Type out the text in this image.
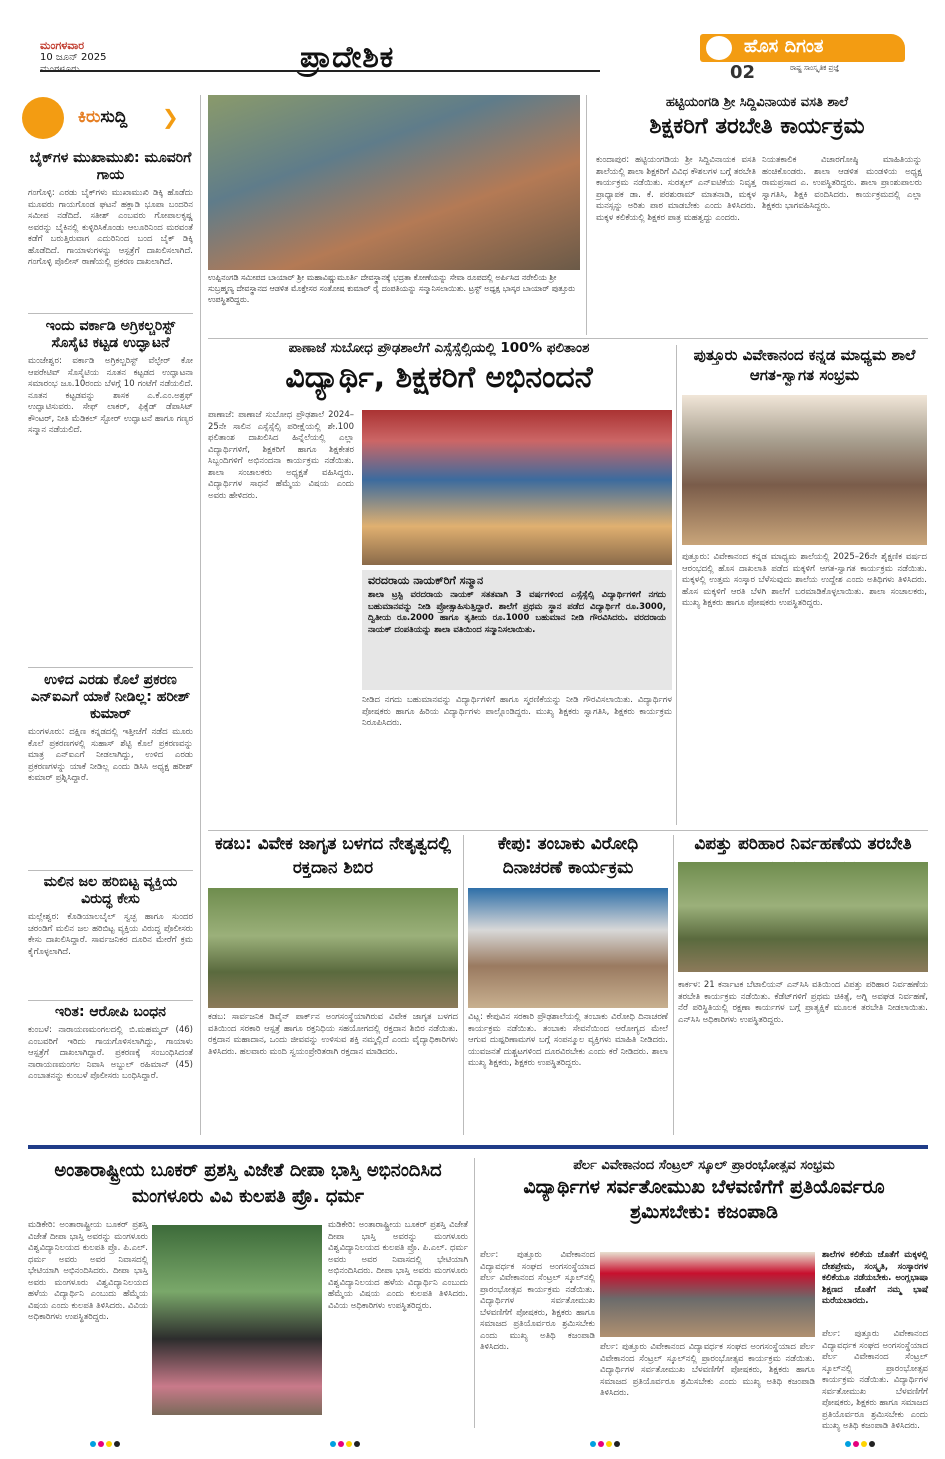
ಮಂಗಳವಾರ
10 ಜೂನ್ 2025	ಪ್ರಾದೇಶಿಕ	ಹೊಸ ದಿಗಂತ
02	ರಾಷ್ಟ್ರ ಸಾಂಸ್ಕೃತಿಕ ಪ್ರಜ್ಞೆ
ಕಿರುಸುದ್ದಿ ❯
ಬೈಕ್‌ಗಳ ಮುಖಾಮುಖಿ: ಮೂವರಿಗೆ ಗಾಯ
ಗಂಗೊಳ್ಳಿ: ಎರಡು ಬೈಕ್‌ಗಳು ಮುಖಾಮುಖಿ ಡಿಕ್ಕಿ ಹೊಡೆದು ಮೂವರು ಗಾಯಗೊಂಡ ಘಟನೆ ಹಕ್ಲಾಡಿ ಭೂಪಾ ಬಂದರಿನ ಸಮೀಪ ನಡೆದಿದೆ. ಸತೀಶ್ ಎಂಬವರು ಗೋಪಾಲಕೃಷ್ಣ ಅವರನ್ನು ಬೈಕಿನಲ್ಲಿ ಕುಳ್ಳಿರಿಸಿಕೊಂಡು ಆಲೂರಿನಿಂದ ಮರವಂತೆ ಕಡೆಗೆ ಬರುತ್ತಿರುವಾಗ ಎದುರಿನಿಂದ ಬಂದ ಬೈಕ್ ಡಿಕ್ಕಿ ಹೊಡೆದಿದೆ. ಗಾಯಾಳುಗಳನ್ನು ಆಸ್ಪತ್ರೆಗೆ ದಾಖಲಿಸಲಾಗಿದೆ. ಗಂಗೊಳ್ಳಿ ಪೊಲೀಸ್ ಠಾಣೆಯಲ್ಲಿ ಪ್ರಕರಣ ದಾಖಲಾಗಿದೆ.
ಇಂದು ವರ್ಕಾಡಿ ಅಗ್ರಿಕಲ್ಚರಿಸ್ಟ್ ಸೊಸೈಟಿ ಕಟ್ಟಡ ಉದ್ಘಾಟನೆ
ಮಂಜೇಶ್ವರ: ವರ್ಕಾಡಿ ಅಗ್ರಿಕಲ್ಚರಿಸ್ಟ್ ವೆಲ್ಫೇರ್ ಕೋ ಆಪರೇಟಿವ್ ಸೊಸೈಟಿಯ ನೂತನ ಕಟ್ಟಡದ ಉದ್ಘಾಟನಾ ಸಮಾರಂಭ ಜೂ.10ರಂದು ಬೆಳಗ್ಗೆ 10 ಗಂಟೆಗೆ ನಡೆಯಲಿದೆ. ನೂತನ ಕಟ್ಟಡವನ್ನು ಶಾಸಕ ಎ.ಕೆ.ಎಂ.ಅಶ್ರಫ್ ಉದ್ಘಾಟಿಸುವರು. ಸೇಫ್ ಲಾಕರ್, ಫಿಕ್ಸೆಡ್ ಡೆಪಾಸಿಟ್ ಕೌಂಟರ್, ನೀತಿ ಮೆಡಿಕಲ್ ಸ್ಟೋರ್ ಉದ್ಘಾಟನೆ ಹಾಗೂ ಗಣ್ಯರ ಸನ್ಮಾನ ನಡೆಯಲಿದೆ.
ಉಳಿದ ಎರಡು ಕೊಲೆ ಪ್ರಕರಣ ಎನ್‌ಐಎಗೆ ಯಾಕೆ ನೀಡಿಲ್ಲ: ಹರೀಶ್ ಕುಮಾರ್
ಮಂಗಳೂರು: ದಕ್ಷಿಣ ಕನ್ನಡದಲ್ಲಿ ಇತ್ತೀಚೆಗೆ ನಡೆದ ಮೂರು ಕೊಲೆ ಪ್ರಕರಣಗಳಲ್ಲಿ ಸುಹಾಸ್ ಶೆಟ್ಟಿ ಕೊಲೆ ಪ್ರಕರಣವನ್ನು ಮಾತ್ರ ಎನ್‌ಐಎಗೆ ನೀಡಲಾಗಿದ್ದು, ಉಳಿದ ಎರಡು ಪ್ರಕರಣಗಳನ್ನು ಯಾಕೆ ನೀಡಿಲ್ಲ ಎಂದು ಡಿಸಿಸಿ ಅಧ್ಯಕ್ಷ ಹರೀಶ್ ಕುಮಾರ್ ಪ್ರಶ್ನಿಸಿದ್ದಾರೆ.
ಮಲಿನ ಜಲ ಹರಿಬಿಟ್ಟ ವ್ಯಕ್ತಿಯ ವಿರುದ್ಧ ಕೇಸು
ಮಲ್ಲೇಶ್ವರ: ಕೊಡಿಯಾಲಬೈಲ್ ಸ್ವಚ್ಛ ಹಾಗೂ ಸುಂದರ ಚರಂಡಿಗೆ ಮಲಿನ ಜಲ ಹರಿಬಿಟ್ಟ ವ್ಯಕ್ತಿಯ ವಿರುದ್ಧ ಪೊಲೀಸರು ಕೇಸು ದಾಖಲಿಸಿದ್ದಾರೆ. ಸಾರ್ವಜನಿಕರ ದೂರಿನ ಮೇರೆಗೆ ಕ್ರಮ ಕೈಗೊಳ್ಳಲಾಗಿದೆ.
ಇರಿತ: ಆರೋಪಿ ಬಂಧನ
ಕುಂಬಳೆ: ನಾರಾಯಣಮಂಗಲದಲ್ಲಿ ಬಿ.ಮಹಮ್ಮದ್ (46) ಎಂಬವರಿಗೆ ಇರಿದು ಗಾಯಗೊಳಿಸಲಾಗಿದ್ದು, ಗಾಯಾಳು ಆಸ್ಪತ್ರೆಗೆ ದಾಖಲಾಗಿದ್ದಾರೆ. ಪ್ರಕರಣಕ್ಕೆ ಸಂಬಂಧಿಸಿದಂತೆ ನಾರಾಯಣಮಂಗಲ ನಿವಾಸಿ ಅಬ್ದುಲ್ ರಹಿಮಾನ್ (45) ಎಂಬಾತನನ್ನು ಕುಂಬಳೆ ಪೊಲೀಸರು ಬಂಧಿಸಿದ್ದಾರೆ.
ಉಪ್ಪಿನಂಗಡಿ ಸಮೀಪದ ಬಾಯಾರ್ ಶ್ರೀ ಮಹಾವಿಷ್ಣುಮೂರ್ತಿ ದೇವಸ್ಥಾನಕ್ಕೆ ಭದ್ರತಾ ಕೋಣೆಯನ್ನು ಸೇವಾ ರೂಪದಲ್ಲಿ ಅರ್ಪಿಸಿದ ನರೇಲಿಯ ಶ್ರೀ ಸುಬ್ರಹ್ಮಣ್ಯ ದೇವಸ್ಥಾನದ ಆಡಳಿತ ಮೊಕ್ತೇಸರ ಸಂತೋಷ ಕುಮಾರ್ ರೈ ದಂಪತಿಯನ್ನು ಸನ್ಮಾನಿಸಲಾಯಿತು. ಟ್ರಸ್ಟ್ ಅಧ್ಯಕ್ಷ ಭಾಸ್ಕರ ಬಾಯಾರ್ ಪುತ್ತೂರು ಉಪಸ್ಥಿತರಿದ್ದರು.
ಹಟ್ಟಿಯಂಗಡಿ ಶ್ರೀ ಸಿದ್ದಿವಿನಾಯಕ ವಸತಿ ಶಾಲೆ
ಶಿಕ್ಷಕರಿಗೆ ತರಬೇತಿ ಕಾರ್ಯಕ್ರಮ
ಕುಂದಾಪುರ: ಹಟ್ಟಿಯಂಗಡಿಯ ಶ್ರೀ ಸಿದ್ದಿವಿನಾಯಕ ವಸತಿ ಶಾಲೆಯಲ್ಲಿ ಶಾಲಾ ಶಿಕ್ಷಕರಿಗೆ ವಿವಿಧ ಕೌಶಲಗಳ ಬಗ್ಗೆ ತರಬೇತಿ ಕಾರ್ಯಕ್ರಮ ನಡೆಯಿತು. ಸುರತ್ಕಲ್ ಎನ್‌ಐಟಿಕೆಯ ನಿವೃತ್ತ ಪ್ರಾಧ್ಯಾಪಕ ಡಾ. ಕೆ. ಪರಶುರಾಮ್ ಮಾತನಾಡಿ, ಮಕ್ಕಳ ಮನಸ್ಸನ್ನು ಅರಿತು ಪಾಠ ಮಾಡಬೇಕು ಎಂದು ತಿಳಿಸಿದರು. ಮಕ್ಕಳ ಕಲಿಕೆಯಲ್ಲಿ ಶಿಕ್ಷಕರ ಪಾತ್ರ ಮಹತ್ವದ್ದು ಎಂದರು.
ನಿಯತಕಾಲಿಕ ವಿಚಾರಗೋಷ್ಠಿ ಮಾಹಿತಿಯನ್ನು ಹಂಚಿಕೊಂಡರು. ಶಾಲಾ ಆಡಳಿತ ಮಂಡಳಿಯ ಅಧ್ಯಕ್ಷ ರಾಮಪ್ರಸಾದ ಎ. ಉಪಸ್ಥಿತರಿದ್ದರು. ಶಾಲಾ ಪ್ರಾಂಶುಪಾಲರು ಸ್ವಾಗತಿಸಿ, ಶಿಕ್ಷಕಿ ವಂದಿಸಿದರು. ಕಾರ್ಯಕ್ರಮದಲ್ಲಿ ಎಲ್ಲಾ ಶಿಕ್ಷಕರು ಭಾಗವಹಿಸಿದ್ದರು.
ಪಾಣಾಜೆ ಸುಬೋಧ ಪ್ರೌಢಶಾಲೆಗೆ ಎಸ್ಸೆಸ್ಸೆಲ್ಸಿಯಲ್ಲಿ 100% ಫಲಿತಾಂಶ
ವಿದ್ಯಾರ್ಥಿ, ಶಿಕ್ಷಕರಿಗೆ ಅಭಿನಂದನೆ
ಪಾಣಾಜೆ: ಪಾಣಾಜೆ ಸುಬೋಧ ಪ್ರೌಢಶಾಲೆ 2024–25ನೇ ಸಾಲಿನ ಎಸ್ಸೆಸ್ಸೆಲ್ಸಿ ಪರೀಕ್ಷೆಯಲ್ಲಿ ಶೇ.100 ಫಲಿತಾಂಶ ದಾಖಲಿಸಿದ ಹಿನ್ನೆಲೆಯಲ್ಲಿ ಎಲ್ಲಾ ವಿದ್ಯಾರ್ಥಿಗಳಿಗೆ, ಶಿಕ್ಷಕರಿಗೆ ಹಾಗೂ ಶಿಕ್ಷಕೇತರ ಸಿಬ್ಬಂದಿಗಳಿಗೆ ಅಭಿನಂದನಾ ಕಾರ್ಯಕ್ರಮ ನಡೆಯಿತು. ಶಾಲಾ ಸಂಚಾಲಕರು ಅಧ್ಯಕ್ಷತೆ ವಹಿಸಿದ್ದರು. ವಿದ್ಯಾರ್ಥಿಗಳ ಸಾಧನೆ ಹೆಮ್ಮೆಯ ವಿಷಯ ಎಂದು ಅವರು ಹೇಳಿದರು.
ವರದರಾಯ ನಾಯಕ್‌ರಿಗೆ ಸನ್ಮಾನ
ಶಾಲಾ ಟ್ರಸ್ಟಿ ವರದರಾಯ ನಾಯಕ್ ಸತತವಾಗಿ 3 ವರ್ಷಗಳಿಂದ ಎಸ್ಸೆಸ್ಸೆಲ್ಸಿ ವಿದ್ಯಾರ್ಥಿಗಳಿಗೆ ನಗದು ಬಹುಮಾನವನ್ನು ನೀಡಿ ಪ್ರೋತ್ಸಾಹಿಸುತ್ತಿದ್ದಾರೆ. ಶಾಲೆಗೆ ಪ್ರಥಮ ಸ್ಥಾನ ಪಡೆದ ವಿದ್ಯಾರ್ಥಿಗೆ ರೂ.3000, ದ್ವಿತೀಯ ರೂ.2000 ಹಾಗೂ ತೃತೀಯ ರೂ.1000 ಬಹುಮಾನ ನೀಡಿ ಗೌರವಿಸಿದರು. ವರದರಾಯ ನಾಯಕ್ ದಂಪತಿಯನ್ನು ಶಾಲಾ ವತಿಯಿಂದ ಸನ್ಮಾನಿಸಲಾಯಿತು.
ನೀಡಿದ ನಗದು ಬಹುಮಾನವನ್ನು ವಿದ್ಯಾರ್ಥಿಗಳಿಗೆ ಹಾಗೂ ಸ್ಮರಣಿಕೆಯನ್ನು ನೀಡಿ ಗೌರವಿಸಲಾಯಿತು. ವಿದ್ಯಾರ್ಥಿಗಳ ಪೋಷಕರು ಹಾಗೂ ಹಿರಿಯ ವಿದ್ಯಾರ್ಥಿಗಳು ಪಾಲ್ಗೊಂಡಿದ್ದರು. ಮುಖ್ಯ ಶಿಕ್ಷಕರು ಸ್ವಾಗತಿಸಿ, ಶಿಕ್ಷಕರು ಕಾರ್ಯಕ್ರಮ ನಿರೂಪಿಸಿದರು.
ಪುತ್ತೂರು ವಿವೇಕಾನಂದ ಕನ್ನಡ ಮಾಧ್ಯಮ ಶಾಲೆ ಆಗತ-ಸ್ವಾಗತ ಸಂಭ್ರಮ
ಪುತ್ತೂರು: ವಿವೇಕಾನಂದ ಕನ್ನಡ ಮಾಧ್ಯಮ ಶಾಲೆಯಲ್ಲಿ 2025–26ನೇ ಶೈಕ್ಷಣಿಕ ವರ್ಷದ ಆರಂಭದಲ್ಲಿ ಹೊಸ ದಾಖಲಾತಿ ಪಡೆದ ಮಕ್ಕಳಿಗೆ ಆಗತ-ಸ್ವಾಗತ ಕಾರ್ಯಕ್ರಮ ನಡೆಯಿತು. ಮಕ್ಕಳಲ್ಲಿ ಉತ್ತಮ ಸಂಸ್ಕಾರ ಬೆಳೆಸುವುದು ಶಾಲೆಯ ಉದ್ದೇಶ ಎಂದು ಅತಿಥಿಗಳು ತಿಳಿಸಿದರು. ಹೊಸ ಮಕ್ಕಳಿಗೆ ಆರತಿ ಬೆಳಗಿ ಶಾಲೆಗೆ ಬರಮಾಡಿಕೊಳ್ಳಲಾಯಿತು. ಶಾಲಾ ಸಂಚಾಲಕರು, ಮುಖ್ಯ ಶಿಕ್ಷಕರು ಹಾಗೂ ಪೋಷಕರು ಉಪಸ್ಥಿತರಿದ್ದರು.
ಕಡಬ: ವಿವೇಕ ಜಾಗೃತ ಬಳಗದ ನೇತೃತ್ವದಲ್ಲಿ ರಕ್ತದಾನ ಶಿಬಿರ
ಕಡಬ: ಸಾರ್ವಜನಿಕ ಡಿವೈನ್ ಪಾರ್ಕ್‌ನ ಅಂಗಸಂಸ್ಥೆಯಾಗಿರುವ ವಿವೇಕ ಜಾಗೃತ ಬಳಗದ ವತಿಯಿಂದ ಸರಕಾರಿ ಆಸ್ಪತ್ರೆ ಹಾಗೂ ರಕ್ತನಿಧಿಯ ಸಹಯೋಗದಲ್ಲಿ ರಕ್ತದಾನ ಶಿಬಿರ ನಡೆಯಿತು. ರಕ್ತದಾನ ಮಹಾದಾನ, ಒಂದು ಜೀವವನ್ನು ಉಳಿಸುವ ಶಕ್ತಿ ನಮ್ಮಲ್ಲಿದೆ ಎಂದು ವೈದ್ಯಾಧಿಕಾರಿಗಳು ತಿಳಿಸಿದರು. ಹಲವಾರು ಮಂದಿ ಸ್ವಯಂಪ್ರೇರಿತರಾಗಿ ರಕ್ತದಾನ ಮಾಡಿದರು.
ಕೇಪು: ತಂಬಾಕು ವಿರೋಧಿ ದಿನಾಚರಣೆ ಕಾರ್ಯಕ್ರಮ
ವಿಟ್ಲ: ಕೇಪುವಿನ ಸರಕಾರಿ ಪ್ರೌಢಶಾಲೆಯಲ್ಲಿ ತಂಬಾಕು ವಿರೋಧಿ ದಿನಾಚರಣೆ ಕಾರ್ಯಕ್ರಮ ನಡೆಯಿತು. ತಂಬಾಕು ಸೇವನೆಯಿಂದ ಆರೋಗ್ಯದ ಮೇಲೆ ಆಗುವ ದುಷ್ಪರಿಣಾಮಗಳ ಬಗ್ಗೆ ಸಂಪನ್ಮೂಲ ವ್ಯಕ್ತಿಗಳು ಮಾಹಿತಿ ನೀಡಿದರು. ಯುವಜನತೆ ದುಶ್ಚಟಗಳಿಂದ ದೂರವಿರಬೇಕು ಎಂದು ಕರೆ ನೀಡಿದರು. ಶಾಲಾ ಮುಖ್ಯ ಶಿಕ್ಷಕರು, ಶಿಕ್ಷಕರು ಉಪಸ್ಥಿತರಿದ್ದರು.
ವಿಪತ್ತು ಪರಿಹಾರ ನಿರ್ವಹಣೆಯ ತರಬೇತಿ
ಕಾರ್ಕಳ: 21 ಕರ್ನಾಟಕ ಬೆಟಾಲಿಯನ್ ಎನ್‌ಸಿಸಿ ವತಿಯಿಂದ ವಿಪತ್ತು ಪರಿಹಾರ ನಿರ್ವಹಣೆಯ ತರಬೇತಿ ಕಾರ್ಯಕ್ರಮ ನಡೆಯಿತು. ಕೆಡೆಟ್‌ಗಳಿಗೆ ಪ್ರಥಮ ಚಿಕಿತ್ಸೆ, ಅಗ್ನಿ ಅವಘಡ ನಿರ್ವಹಣೆ, ನೆರೆ ಪರಿಸ್ಥಿತಿಯಲ್ಲಿ ರಕ್ಷಣಾ ಕಾರ್ಯಗಳ ಬಗ್ಗೆ ಪ್ರಾತ್ಯಕ್ಷಿಕೆ ಮೂಲಕ ತರಬೇತಿ ನೀಡಲಾಯಿತು. ಎನ್‌ಸಿಸಿ ಅಧಿಕಾರಿಗಳು ಉಪಸ್ಥಿತರಿದ್ದರು.
ಅಂತಾರಾಷ್ಟ್ರೀಯ ಬೂಕರ್ ಪ್ರಶಸ್ತಿ ವಿಜೇತೆ ದೀಪಾ ಭಾಸ್ತಿ ಅಭಿನಂದಿಸಿದ ಮಂಗಳೂರು ವಿವಿ ಕುಲಪತಿ ಪ್ರೊ. ಧರ್ಮ
ಮಡಿಕೇರಿ: ಅಂತಾರಾಷ್ಟ್ರೀಯ ಬೂಕರ್ ಪ್ರಶಸ್ತಿ ವಿಜೇತೆ ದೀಪಾ ಭಾಸ್ತಿ ಅವರನ್ನು ಮಂಗಳೂರು ವಿಶ್ವವಿದ್ಯಾನಿಲಯದ ಕುಲಪತಿ ಪ್ರೊ. ಪಿ.ಎಲ್. ಧರ್ಮ ಅವರು ಅವರ ನಿವಾಸದಲ್ಲಿ ಭೇಟಿಯಾಗಿ ಅಭಿನಂದಿಸಿದರು. ದೀಪಾ ಭಾಸ್ತಿ ಅವರು ಮಂಗಳೂರು ವಿಶ್ವವಿದ್ಯಾನಿಲಯದ ಹಳೆಯ ವಿದ್ಯಾರ್ಥಿನಿ ಎಂಬುದು ಹೆಮ್ಮೆಯ ವಿಷಯ ಎಂದು ಕುಲಪತಿ ತಿಳಿಸಿದರು. ವಿವಿಯ ಅಧಿಕಾರಿಗಳು ಉಪಸ್ಥಿತರಿದ್ದರು.
ಮಡಿಕೇರಿ: ಅಂತಾರಾಷ್ಟ್ರೀಯ ಬೂಕರ್ ಪ್ರಶಸ್ತಿ ವಿಜೇತೆ ದೀಪಾ ಭಾಸ್ತಿ ಅವರನ್ನು ಮಂಗಳೂರು ವಿಶ್ವವಿದ್ಯಾನಿಲಯದ ಕುಲಪತಿ ಪ್ರೊ. ಪಿ.ಎಲ್. ಧರ್ಮ ಅವರು ಅವರ ನಿವಾಸದಲ್ಲಿ ಭೇಟಿಯಾಗಿ ಅಭಿನಂದಿಸಿದರು. ದೀಪಾ ಭಾಸ್ತಿ ಅವರು ಮಂಗಳೂರು ವಿಶ್ವವಿದ್ಯಾನಿಲಯದ ಹಳೆಯ ವಿದ್ಯಾರ್ಥಿನಿ ಎಂಬುದು ಹೆಮ್ಮೆಯ ವಿಷಯ ಎಂದು ಕುಲಪತಿ ತಿಳಿಸಿದರು. ವಿವಿಯ ಅಧಿಕಾರಿಗಳು ಉಪಸ್ಥಿತರಿದ್ದರು.
ಪೆರ್ಲ ವಿವೇಕಾನಂದ ಸೆಂಟ್ರಲ್ ಸ್ಕೂಲ್ ಪ್ರಾರಂಭೋತ್ಸವ ಸಂಭ್ರಮ
ವಿದ್ಯಾರ್ಥಿಗಳ ಸರ್ವತೋಮುಖ ಬೆಳವಣಿಗೆಗೆ ಪ್ರತಿಯೊರ್ವರೂ ಶ್ರಮಿಸಬೇಕು: ಕಜಂಪಾಡಿ
ಪೆರ್ಲ: ಪುತ್ತೂರು ವಿವೇಕಾನಂದ ವಿದ್ಯಾವರ್ಧಕ ಸಂಘದ ಅಂಗಸಂಸ್ಥೆಯಾದ ಪೆರ್ಲ ವಿವೇಕಾನಂದ ಸೆಂಟ್ರಲ್ ಸ್ಕೂಲ್‌ನಲ್ಲಿ ಪ್ರಾರಂಭೋತ್ಸವ ಕಾರ್ಯಕ್ರಮ ನಡೆಯಿತು. ವಿದ್ಯಾರ್ಥಿಗಳ ಸರ್ವತೋಮುಖ ಬೆಳವಣಿಗೆಗೆ ಪೋಷಕರು, ಶಿಕ್ಷಕರು ಹಾಗೂ ಸಮಾಜದ ಪ್ರತಿಯೊರ್ವರೂ ಶ್ರಮಿಸಬೇಕು ಎಂದು ಮುಖ್ಯ ಅತಿಥಿ ಕಜಂಪಾಡಿ ತಿಳಿಸಿದರು.	ಪೆರ್ಲ: ಪುತ್ತೂರು ವಿವೇಕಾನಂದ ವಿದ್ಯಾವರ್ಧಕ ಸಂಘದ ಅಂಗಸಂಸ್ಥೆಯಾದ ಪೆರ್ಲ ವಿವೇಕಾನಂದ ಸೆಂಟ್ರಲ್ ಸ್ಕೂಲ್‌ನಲ್ಲಿ ಪ್ರಾರಂಭೋತ್ಸವ ಕಾರ್ಯಕ್ರಮ ನಡೆಯಿತು. ವಿದ್ಯಾರ್ಥಿಗಳ ಸರ್ವತೋಮುಖ ಬೆಳವಣಿಗೆಗೆ ಪೋಷಕರು, ಶಿಕ್ಷಕರು ಹಾಗೂ ಸಮಾಜದ ಪ್ರತಿಯೊರ್ವರೂ ಶ್ರಮಿಸಬೇಕು ಎಂದು ಮುಖ್ಯ ಅತಿಥಿ ಕಜಂಪಾಡಿ ತಿಳಿಸಿದರು.
ಶಾಲೆಗಳ ಕಲಿಕೆಯ ಜೊತೆಗೆ ಮಕ್ಕಳಲ್ಲಿ ದೇಶಪ್ರೇಮ, ಸಂಸ್ಕೃತಿ, ಸಂಸ್ಕಾರಗಳ ಕಲಿಕೆಯೂ ನಡೆಯಬೇಕು. ಅಂಗ್ಲಭಾಷಾ ಶಿಕ್ಷಣದ ಜೊತೆಗೆ ನಮ್ಮ ಭಾಷೆ ಮರೆಯಬಾರದು.
ಪೆರ್ಲ: ಪುತ್ತೂರು ವಿವೇಕಾನಂದ ವಿದ್ಯಾವರ್ಧಕ ಸಂಘದ ಅಂಗಸಂಸ್ಥೆಯಾದ ಪೆರ್ಲ ವಿವೇಕಾನಂದ ಸೆಂಟ್ರಲ್ ಸ್ಕೂಲ್‌ನಲ್ಲಿ ಪ್ರಾರಂಭೋತ್ಸವ ಕಾರ್ಯಕ್ರಮ ನಡೆಯಿತು. ವಿದ್ಯಾರ್ಥಿಗಳ ಸರ್ವತೋಮುಖ ಬೆಳವಣಿಗೆಗೆ ಪೋಷಕರು, ಶಿಕ್ಷಕರು ಹಾಗೂ ಸಮಾಜದ ಪ್ರತಿಯೊರ್ವರೂ ಶ್ರಮಿಸಬೇಕು ಎಂದು ಮುಖ್ಯ ಅತಿಥಿ ಕಜಂಪಾಡಿ ತಿಳಿಸಿದರು.
